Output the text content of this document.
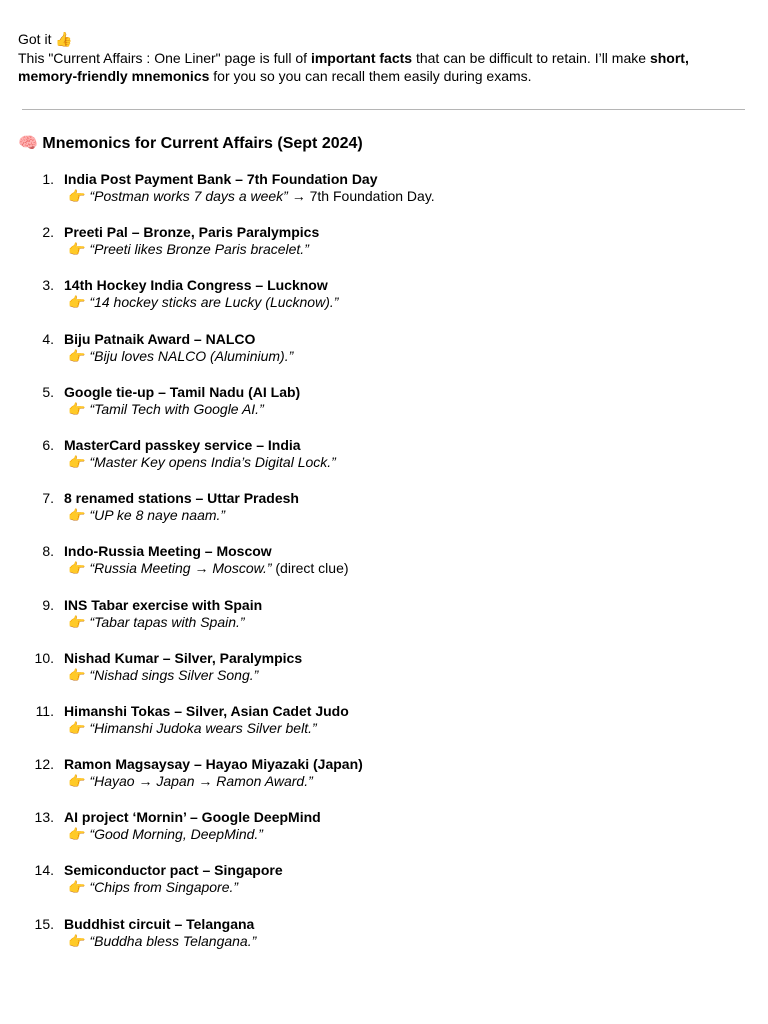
Got it 👍
This "Current Affairs : One Liner" page is full of important facts that can be difficult to retain. I’ll make short,
memory-friendly mnemonics for you so you can recall them easily during exams.
🧠 Mnemonics for Current Affairs (Sept 2024)
1. India Post Payment Bank – 7th Foundation Day
👉 “Postman works 7 days a week” → 7th Foundation Day.
2. Preeti Pal – Bronze, Paris Paralympics
👉 “Preeti likes Bronze Paris bracelet.”
3. 14th Hockey India Congress – Lucknow
👉 “14 hockey sticks are Lucky (Lucknow).”
4. Biju Patnaik Award – NALCO
👉 “Biju loves NALCO (Aluminium).”
5. Google tie-up – Tamil Nadu (AI Lab)
👉 “Tamil Tech with Google AI.”
6. MasterCard passkey service – India
👉 “Master Key opens India’s Digital Lock.”
7. 8 renamed stations – Uttar Pradesh
👉 “UP ke 8 naye naam.”
8. Indo-Russia Meeting – Moscow
👉 “Russia Meeting → Moscow.” (direct clue)
9. INS Tabar exercise with Spain
👉 “Tabar tapas with Spain.”
10. Nishad Kumar – Silver, Paralympics
👉 “Nishad sings Silver Song.”
11. Himanshi Tokas – Silver, Asian Cadet Judo
👉 “Himanshi Judoka wears Silver belt.”
12. Ramon Magsaysay – Hayao Miyazaki (Japan)
👉 “Hayao → Japan → Ramon Award.”
13. AI project ‘Mornin’ – Google DeepMind
👉 “Good Morning, DeepMind.”
14. Semiconductor pact – Singapore
👉 “Chips from Singapore.”
15. Buddhist circuit – Telangana
👉 “Buddha bless Telangana.”
